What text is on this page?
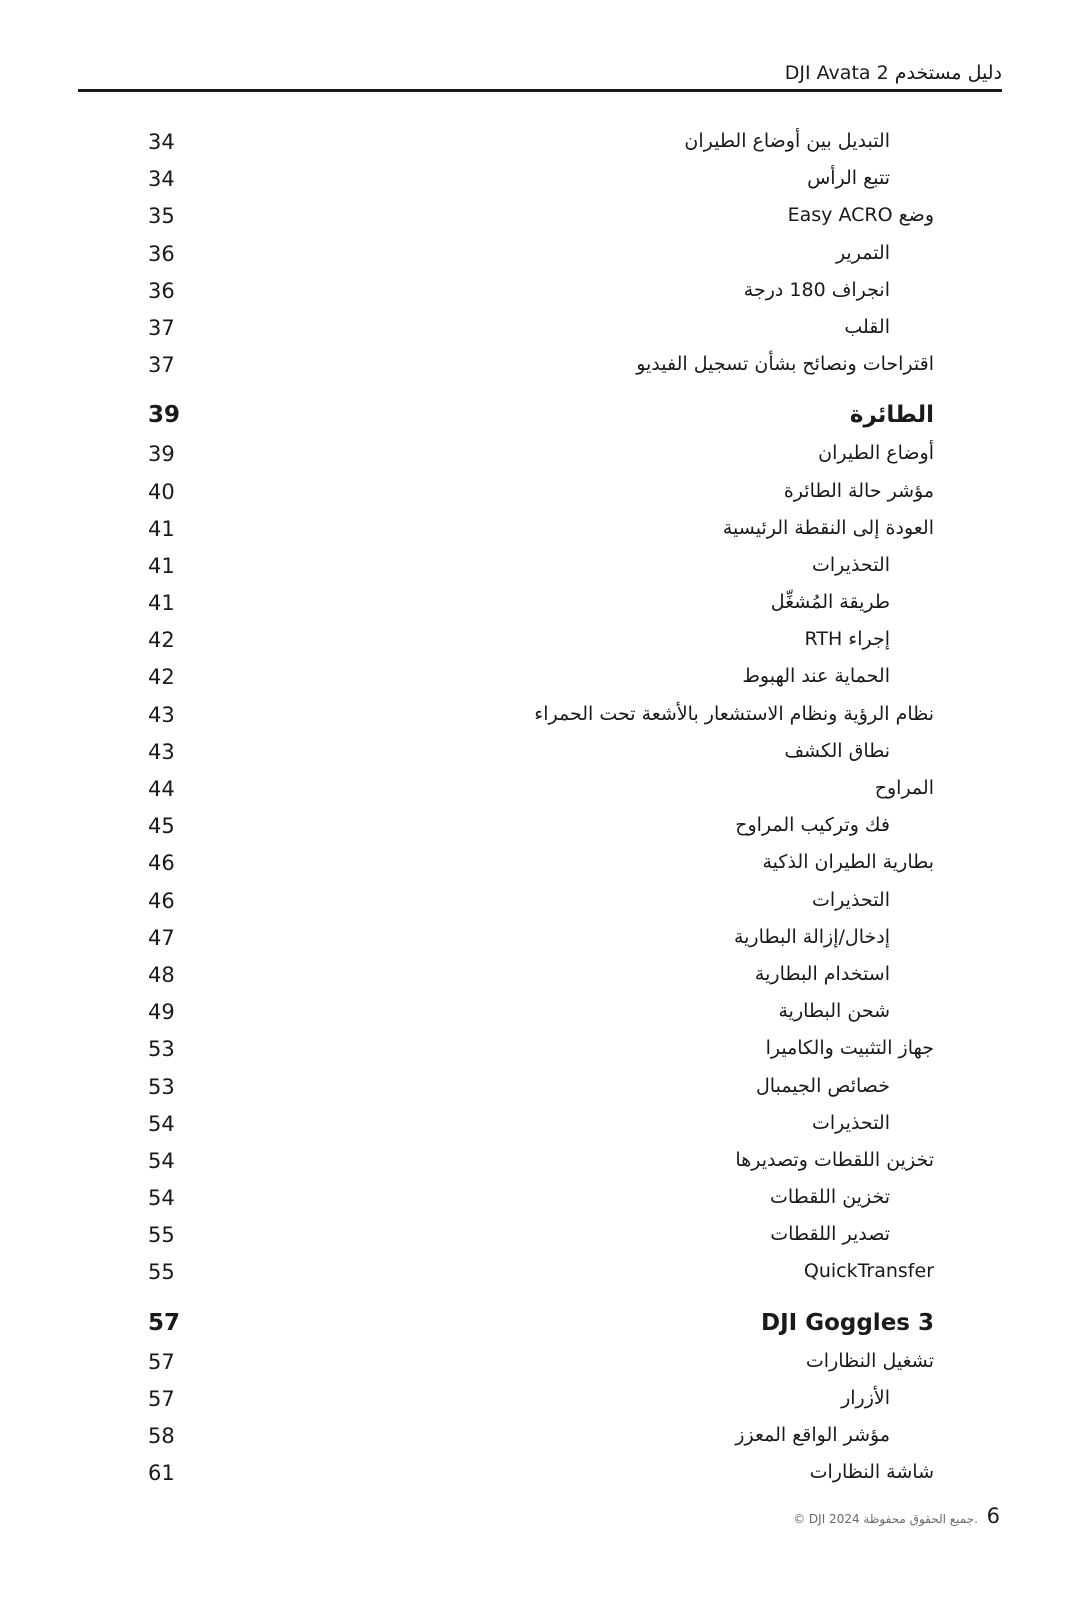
دليل مستخدم DJI Avata 2
34	التبديل بين أوضاع الطيران
34	تتبع الرأس
35	وضع Easy ACRO
36	التمرير
36	انجراف 180 درجة
37	القلب
37	اقتراحات ونصائح بشأن تسجيل الفيديو
39	الطائرة
39	أوضاع الطيران
40	مؤشر حالة الطائرة
41	العودة إلى النقطة الرئيسية
41	التحذيرات
41	طريقة المُشغِّل
42	إجراء RTH
42	الحماية عند الهبوط
43	نظام الرؤية ونظام الاستشعار بالأشعة تحت الحمراء
43	نطاق الكشف
44	المراوح
45	فك وتركيب المراوح
46	بطارية الطيران الذكية
46	التحذيرات
47	إدخال/إزالة البطارية
48	استخدام البطارية
49	شحن البطارية
53	جهاز التثبيت والكاميرا
53	خصائص الجيمبال
54	التحذيرات
54	تخزين اللقطات وتصديرها
54	تخزين اللقطات
55	تصدير اللقطات
55	QuickTransfer
57	DJI Goggles 3
57	تشغيل النظارات
57	الأزرار
58	مؤشر الواقع المعزز
61	شاشة النظارات
© DJI 2024 جميع الحقوق محفوظة. 6
